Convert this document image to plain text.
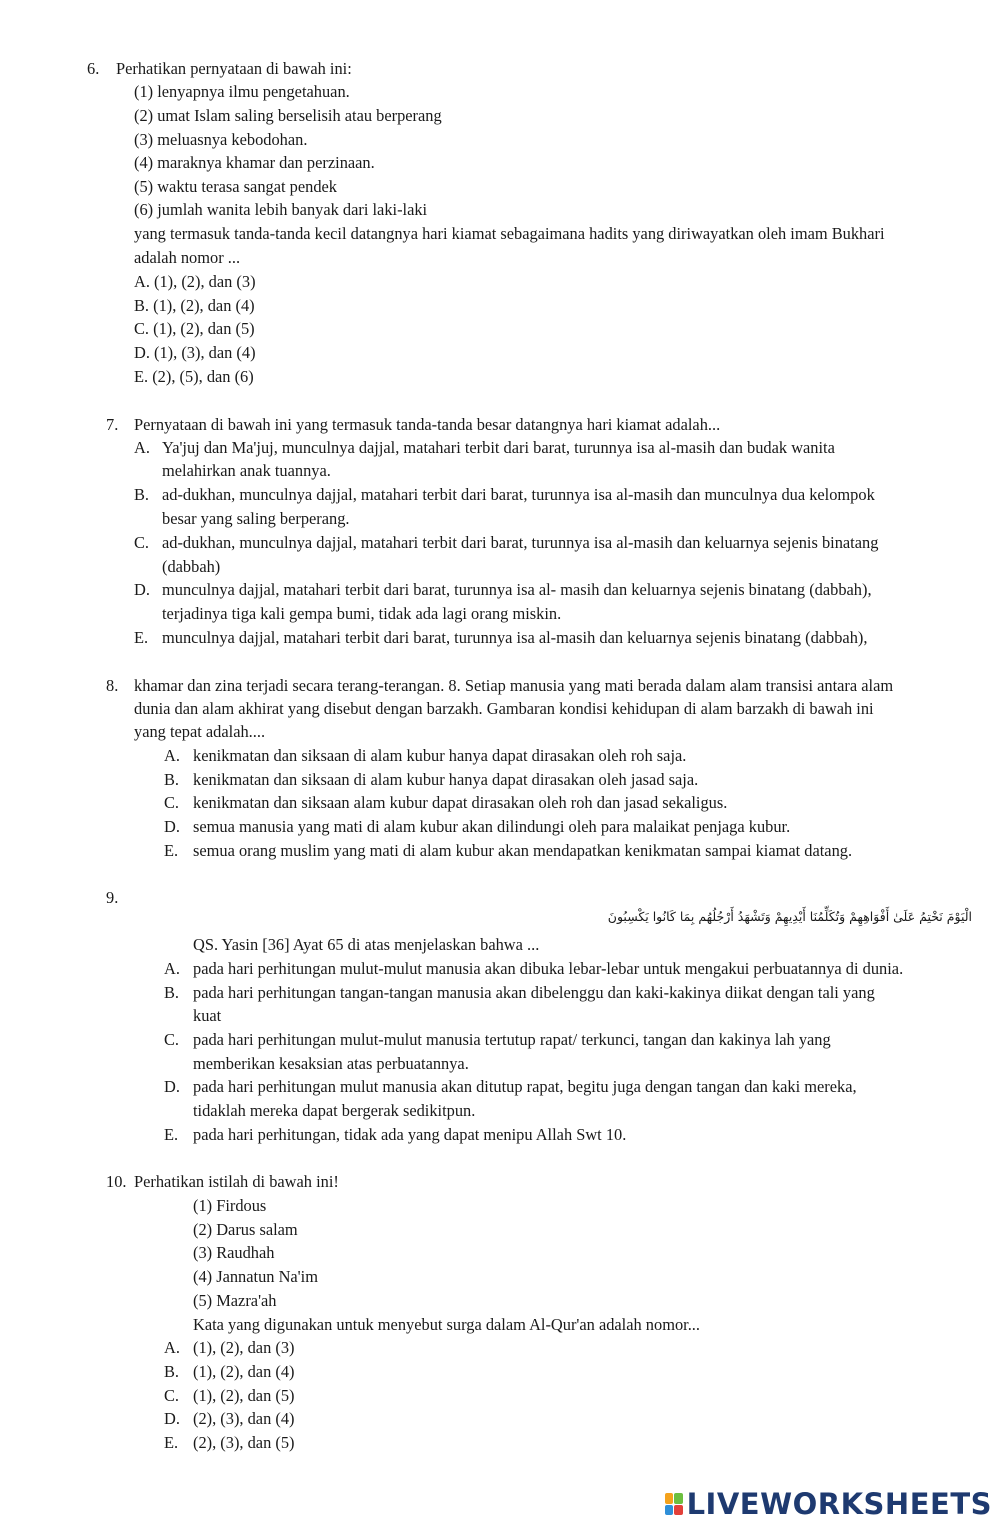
6. Perhatikan pernyataan di bawah ini:
(1) lenyapnya ilmu pengetahuan.
(2) umat Islam saling berselisih atau berperang
(3) meluasnya kebodohan.
(4) maraknya khamar dan perzinaan.
(5) waktu terasa sangat pendek
(6) jumlah wanita lebih banyak dari laki-laki
yang termasuk tanda-tanda kecil datangnya hari kiamat sebagaimana hadits yang diriwayatkan oleh imam Bukhari
adalah nomor ...
A. (1), (2), dan (3)
B. (1), (2), dan (4)
C. (1), (2), dan (5)
D. (1), (3), dan (4)
E. (2), (5), dan (6)
7. Pernyataan di bawah ini yang termasuk tanda-tanda besar datangnya hari kiamat adalah...
A. Ya'juj dan Ma'juj, munculnya dajjal, matahari terbit dari barat, turunnya isa al-masih dan budak wanita
melahirkan anak tuannya.
B. ad-dukhan, munculnya dajjal, matahari terbit dari barat, turunnya isa al-masih dan munculnya dua kelompok
besar yang saling berperang.
C. ad-dukhan, munculnya dajjal, matahari terbit dari barat, turunnya isa al-masih dan keluarnya sejenis binatang
(dabbah)
D. munculnya dajjal, matahari terbit dari barat, turunnya isa al- masih dan keluarnya sejenis binatang (dabbah),
terjadinya tiga kali gempa bumi, tidak ada lagi orang miskin.
E. munculnya dajjal, matahari terbit dari barat, turunnya isa al-masih dan keluarnya sejenis binatang (dabbah),
8. khamar dan zina terjadi secara terang-terangan. 8. Setiap manusia yang mati berada dalam alam transisi antara alam
dunia dan alam akhirat yang disebut dengan barzakh. Gambaran kondisi kehidupan di alam barzakh di bawah ini
yang tepat adalah....
A. kenikmatan dan siksaan di alam kubur hanya dapat dirasakan oleh roh saja.
B. kenikmatan dan siksaan di alam kubur hanya dapat dirasakan oleh jasad saja.
C. kenikmatan dan siksaan alam kubur dapat dirasakan oleh roh dan jasad sekaligus.
D. semua manusia yang mati di alam kubur akan dilindungi oleh para malaikat penjaga kubur.
E. semua orang muslim yang mati di alam kubur akan mendapatkan kenikmatan sampai kiamat datang.
9.
الْيَوْمَ نَخْتِمُ عَلَىٰ أَفْوَاهِهِمْ وَتُكَلِّمُنَا أَيْدِيهِمْ وَتَشْهَدُ أَرْجُلُهُم بِمَا كَانُوا يَكْسِبُونَ
QS. Yasin [36] Ayat 65 di atas menjelaskan bahwa ...
A. pada hari perhitungan mulut-mulut manusia akan dibuka lebar-lebar untuk mengakui perbuatannya di dunia.
B. pada hari perhitungan tangan-tangan manusia akan dibelenggu dan kaki-kakinya diikat dengan tali yang
kuat
C. pada hari perhitungan mulut-mulut manusia tertutup rapat/ terkunci, tangan dan kakinya lah yang
memberikan kesaksian atas perbuatannya.
D. pada hari perhitungan mulut manusia akan ditutup rapat, begitu juga dengan tangan dan kaki mereka,
tidaklah mereka dapat bergerak sedikitpun.
E. pada hari perhitungan, tidak ada yang dapat menipu Allah Swt 10.
10. Perhatikan istilah di bawah ini!
(1) Firdous
(2) Darus salam
(3) Raudhah
(4) Jannatun Na'im
(5) Mazra'ah
Kata yang digunakan untuk menyebut surga dalam Al-Qur'an adalah nomor...
A. (1), (2), dan (3)
B. (1), (2), dan (4)
C. (1), (2), dan (5)
D. (2), (3), dan (4)
E. (2), (3), dan (5)
LIVEWORKSHEETS
